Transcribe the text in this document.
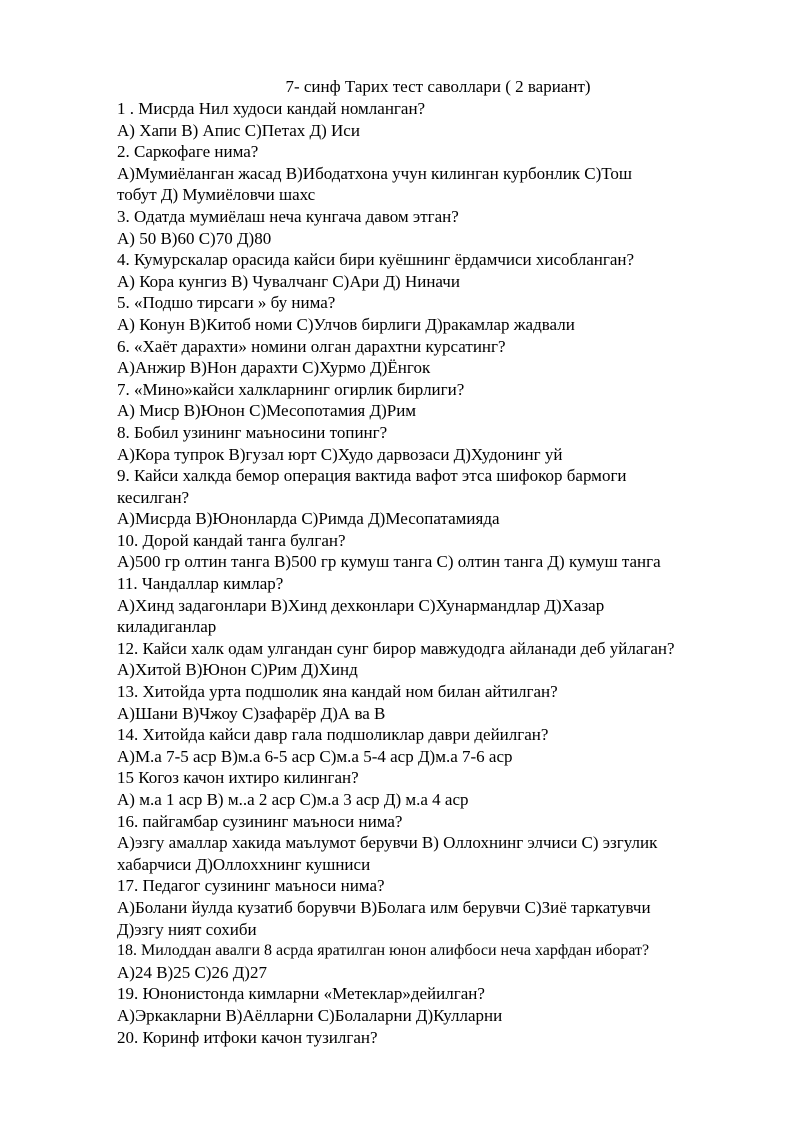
7- синф Тарих тест саволлари ( 2 вариант)
1 . Мисрда Нил худоси кандай номланган?
А) Хапи В) Апис С)Петах Д) Иси
2. Саркофаге нима?
А)Мумиёланган жасад В)Ибодатхона учун килинган курбонлик С)Тош
тобут Д) Мумиёловчи шахс
3. Одатда мумиёлаш неча кунгача давом этган?
А) 50 В)60 С)70 Д)80
4. Кумурскалар орасида кайси бири куёшнинг ёрдамчиси хисобланган?
А) Кора кунгиз В) Чувалчанг С)Ари Д) Ниначи
5. «Подшо тирсаги » бу нима?
А) Конун В)Китоб номи С)Улчов бирлиги Д)ракамлар жадвали
6. «Хаёт дарахти» номини олган дарахтни курсатинг?
А)Анжир В)Нон дарахти С)Хурмо Д)Ёнгок
7. «Мино»кайси халкларнинг огирлик бирлиги?
А) Миср В)Юнон С)Месопотамия Д)Рим
8. Бобил узининг маъносини топинг?
А)Кора тупрок В)гузал юрт С)Худо дарвозаси Д)Худонинг уй
9. Кайси халкда бемор операция вактида вафот этса шифокор бармоги
кесилган?
А)Мисрда В)Юнонларда С)Римда Д)Месопатамияда
10. Дорой кандай танга булган?
А)500 гр олтин танга В)500 гр кумуш танга С) олтин танга Д) кумуш танга
11. Чандаллар кимлар?
А)Хинд задагонлари В)Хинд дехконлари С)Хунармандлар Д)Хазар
киладиганлар
12. Кайси халк одам улгандан сунг бирор мавжудодга айланади деб уйлаган?
А)Хитой В)Юнон С)Рим Д)Хинд
13. Хитойда урта подшолик яна кандай ном билан айтилган?
А)Шани В)Чжоу С)зафарёр Д)А ва В
14. Хитойда кайси давр гала подшоликлар даври дейилган?
А)М.а 7-5 аср В)м.а 6-5 аср С)м.а 5-4 аср Д)м.а 7-6 аср
15 Когоз качон ихтиро килинган?
А) м.а 1 аср В) м..а 2 аср С)м.а 3 аср Д) м.а 4 аср
16. пайгамбар сузининг маъноси нима?
А)эзгу амаллар хакида маълумот берувчи В) Оллохнинг элчиси С) эзгулик
хабарчиси Д)Оллоххнинг кушниси
17. Педагог сузининг маъноси нима?
А)Болани йулда кузатиб борувчи В)Болага илм берувчи С)Зиё таркатувчи
Д)эзгу ният сохиби
18. Милоддан авалги 8 асрда яратилган юнон алифбоси неча харфдан иборат?
А)24 В)25 С)26 Д)27
19. Юнонистонда кимларни «Метеклар»дейилган?
А)Эркакларни В)Аёлларни С)Болаларни Д)Кулларни
20. Коринф итфоки качон тузилган?
